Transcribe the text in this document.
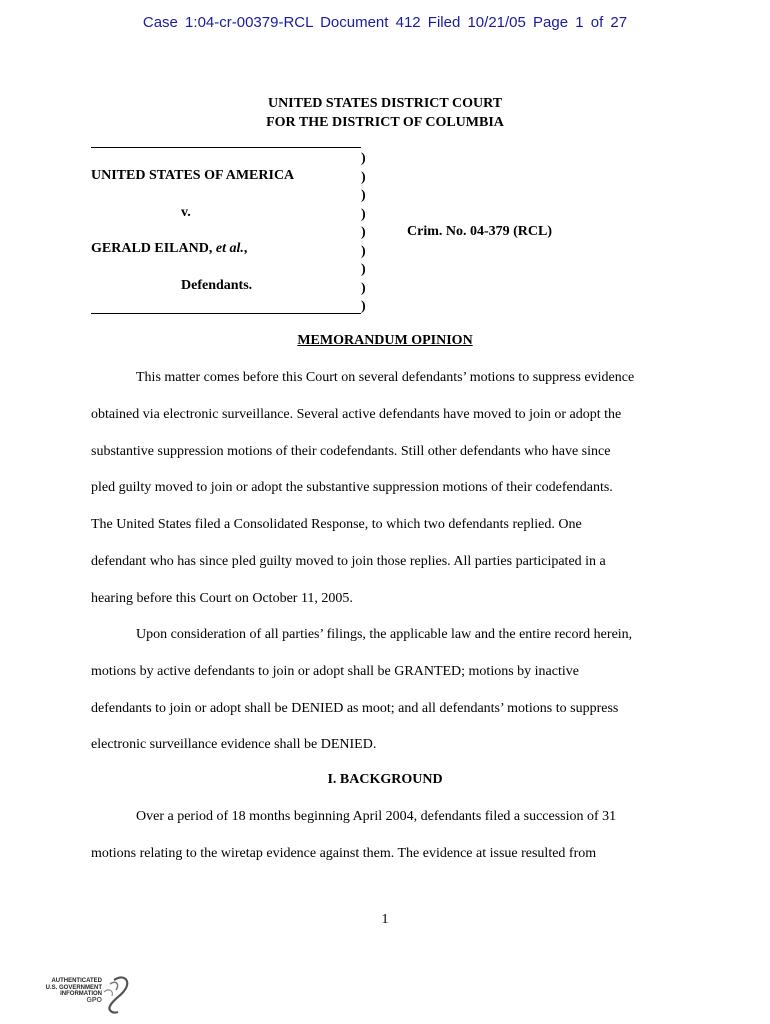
Case 1:04-cr-00379-RCL Document 412 Filed 10/21/05 Page 1 of 27
UNITED STATES DISTRICT COURT
FOR THE DISTRICT OF COLUMBIA
UNITED STATES OF AMERICA
v.
GERALD EILAND, et al.,
Defendants.
)
)
)
)
)
)
)
)
)
Crim. No. 04-379 (RCL)
MEMORANDUM OPINION

This matter comes before this Court on several defendants’ motions to suppress evidence

obtained via electronic surveillance. Several active defendants have moved to join or adopt the

substantive suppression motions of their codefendants. Still other defendants who have since

pled guilty moved to join or adopt the substantive suppression motions of their codefendants.

The United States filed a Consolidated Response, to which two defendants replied. One

defendant who has since pled guilty moved to join those replies. All parties participated in a

hearing before this Court on October 11, 2005.

Upon consideration of all parties’ filings, the applicable law and the entire record herein,

motions by active defendants to join or adopt shall be GRANTED; motions by inactive

defendants to join or adopt shall be DENIED as moot; and all defendants’ motions to suppress

electronic surveillance evidence shall be DENIED.

I. BACKGROUND

Over a period of 18 months beginning April 2004, defendants filed a succession of 31

motions relating to the wiretap evidence against them. The evidence at issue resulted from

1
AUTHENTICATED
U.S. GOVERNMENT
INFORMATION
GPO
